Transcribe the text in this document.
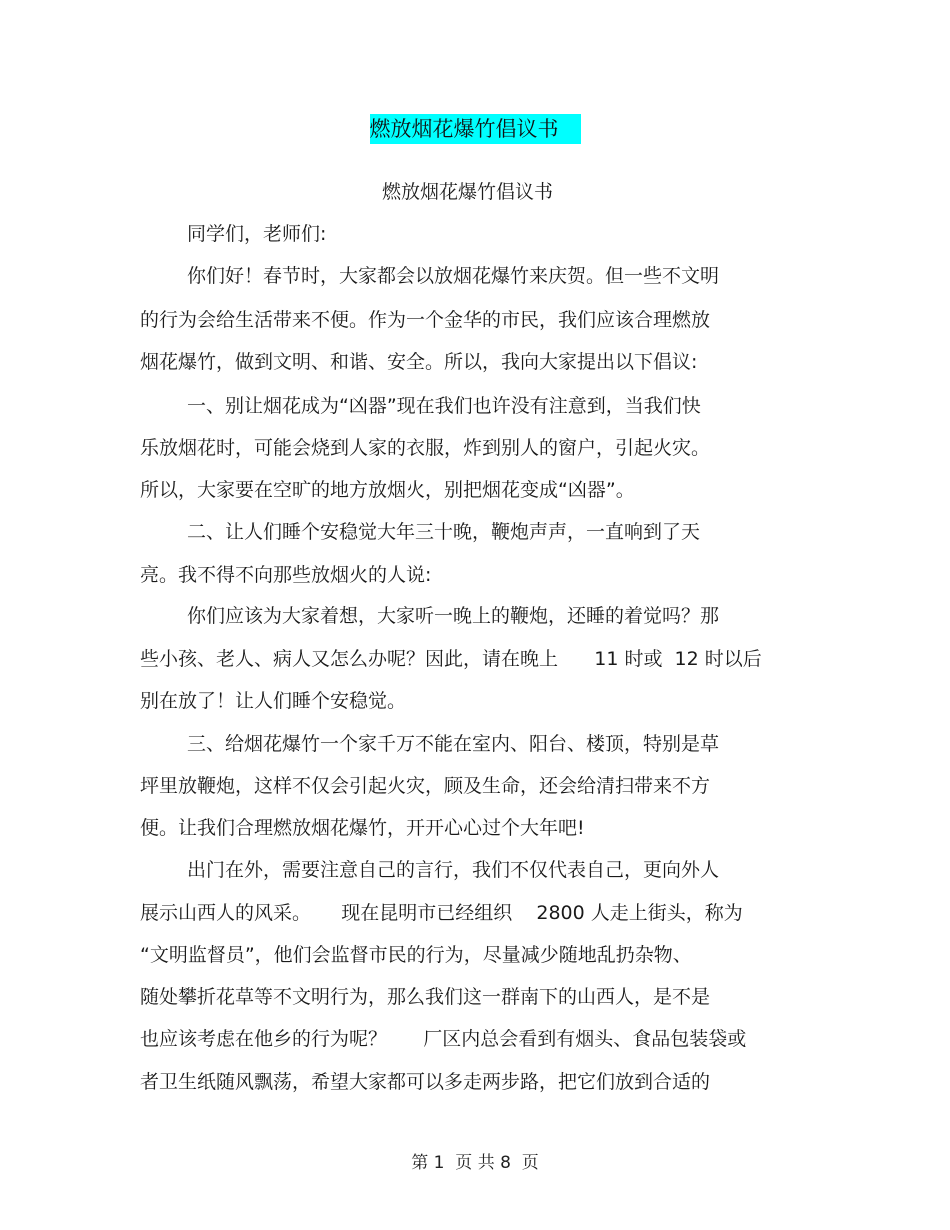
燃放烟花爆竹倡议书
燃放烟花爆竹倡议书
同学们，老师们:
你们好！春节时，大家都会以放烟花爆竹来庆贺。但一些不文明
的行为会给生活带来不便。作为一个金华的市民，我们应该合理燃放
烟花爆竹，做到文明、和谐、安全。所以，我向大家提出以下倡议:
一、别让烟花成为“凶器”现在我们也许没有注意到，当我们快
乐放烟花时，可能会烧到人家的衣服，炸到别人的窗户，引起火灾。
所以，大家要在空旷的地方放烟火，别把烟花变成“凶器”。
二、让人们睡个安稳觉大年三十晚，鞭炮声声，一直响到了天
亮。我不得不向那些放烟火的人说:
你们应该为大家着想，大家听一晚上的鞭炮，还睡的着觉吗？那
些小孩、老人、病人又怎么办呢？因此，请在晚上      11 时或  12 时以后
别在放了！让人们睡个安稳觉。
三、给烟花爆竹一个家千万不能在室内、阳台、楼顶，特别是草
坪里放鞭炮，这样不仅会引起火灾，顾及生命，还会给清扫带来不方
便。让我们合理燃放烟花爆竹，开开心心过个大年吧!
出门在外，需要注意自己的言行，我们不仅代表自己，更向外人
展示山西人的风采。     现在昆明市已经组织    2800 人走上街头，称为
“文明监督员”，他们会监督市民的行为，尽量减少随地乱扔杂物、
随处攀折花草等不文明行为，那么我们这一群南下的山西人，是不是
也应该考虑在他乡的行为呢？      厂区内总会看到有烟头、食品包装袋或
者卫生纸随风飘荡，希望大家都可以多走两步路，把它们放到合适的
第 1  页 共 8  页
